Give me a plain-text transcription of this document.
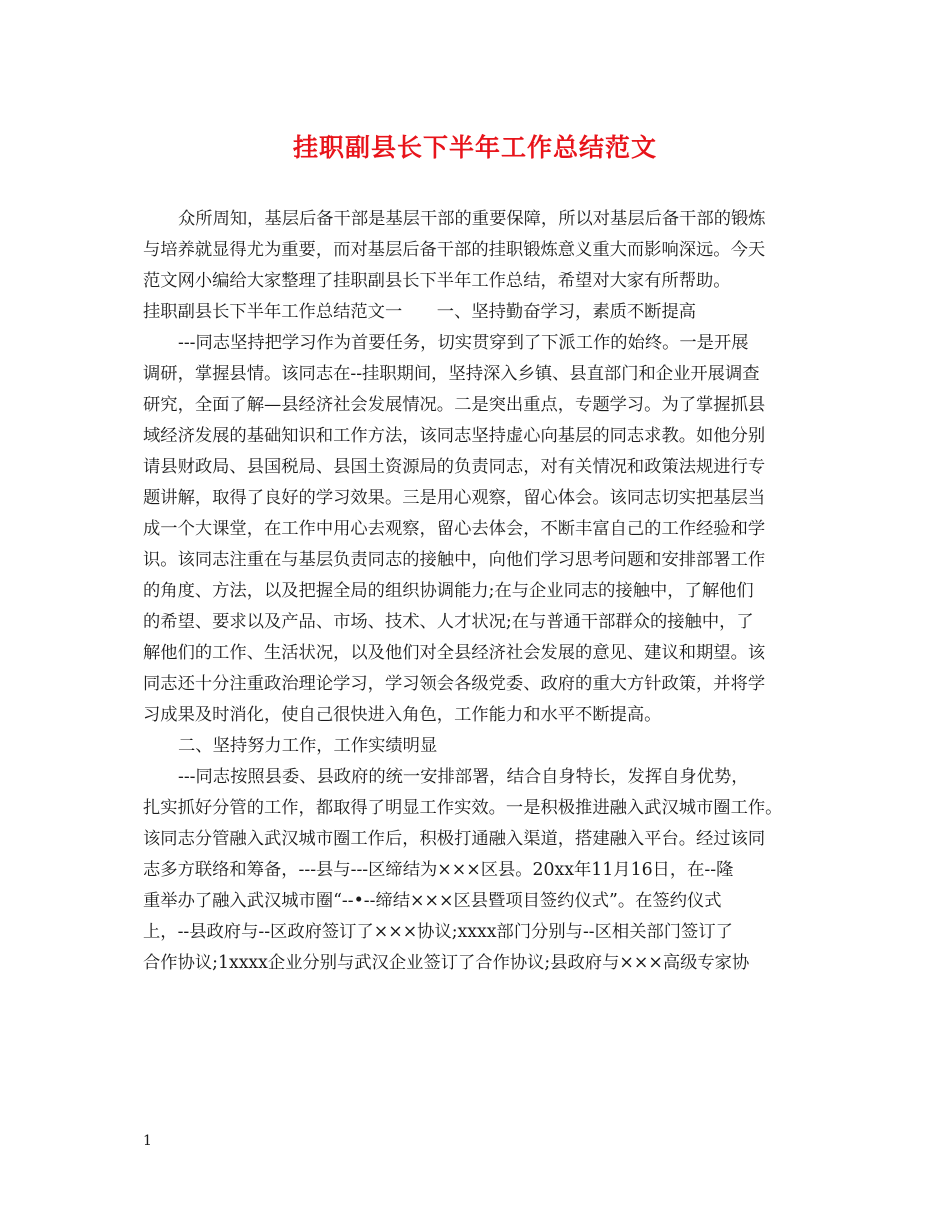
挂职副县长下半年工作总结范文
众所周知，基层后备干部是基层干部的重要保障，所以对基层后备干部的锻炼
与培养就显得尤为重要，而对基层后备干部的挂职锻炼意义重大而影响深远。今天
范文网小编给大家整理了挂职副县长下半年工作总结，希望对大家有所帮助。
挂职副县长下半年工作总结范文一　　一、坚持勤奋学习，素质不断提高
---同志坚持把学习作为首要任务，切实贯穿到了下派工作的始终。一是开展
调研，掌握县情。该同志在--挂职期间，坚持深入乡镇、县直部门和企业开展调查
研究，全面了解—县经济社会发展情况。二是突出重点，专题学习。为了掌握抓县
域经济发展的基础知识和工作方法，该同志坚持虚心向基层的同志求教。如他分别
请县财政局、县国税局、县国土资源局的负责同志，对有关情况和政策法规进行专
题讲解，取得了良好的学习效果。三是用心观察，留心体会。该同志切实把基层当
成一个大课堂，在工作中用心去观察，留心去体会，不断丰富自己的工作经验和学
识。该同志注重在与基层负责同志的接触中，向他们学习思考问题和安排部署工作
的角度、方法，以及把握全局的组织协调能力;在与企业同志的接触中，了解他们
的希望、要求以及产品、市场、技术、人才状况;在与普通干部群众的接触中，了
解他们的工作、生活状况，以及他们对全县经济社会发展的意见、建议和期望。该
同志还十分注重政治理论学习，学习领会各级党委、政府的重大方针政策，并将学
习成果及时消化，使自己很快进入角色，工作能力和水平不断提高。
二、坚持努力工作，工作实绩明显
---同志按照县委、县政府的统一安排部署，结合自身特长，发挥自身优势，
扎实抓好分管的工作，都取得了明显工作实效。一是积极推进融入武汉城市圈工作。
该同志分管融入武汉城市圈工作后，积极打通融入渠道，搭建融入平台。经过该同
志多方联络和筹备，---县与---区缔结为×××区县。20xx年11月16日，在--隆
重举办了融入武汉城市圈“--•--缔结×××区县暨项目签约仪式”。在签约仪式
上，--县政府与--区政府签订了×××协议;xxxx部门分别与--区相关部门签订了
合作协议;1xxxx企业分别与武汉企业签订了合作协议;县政府与×××高级专家协
1
